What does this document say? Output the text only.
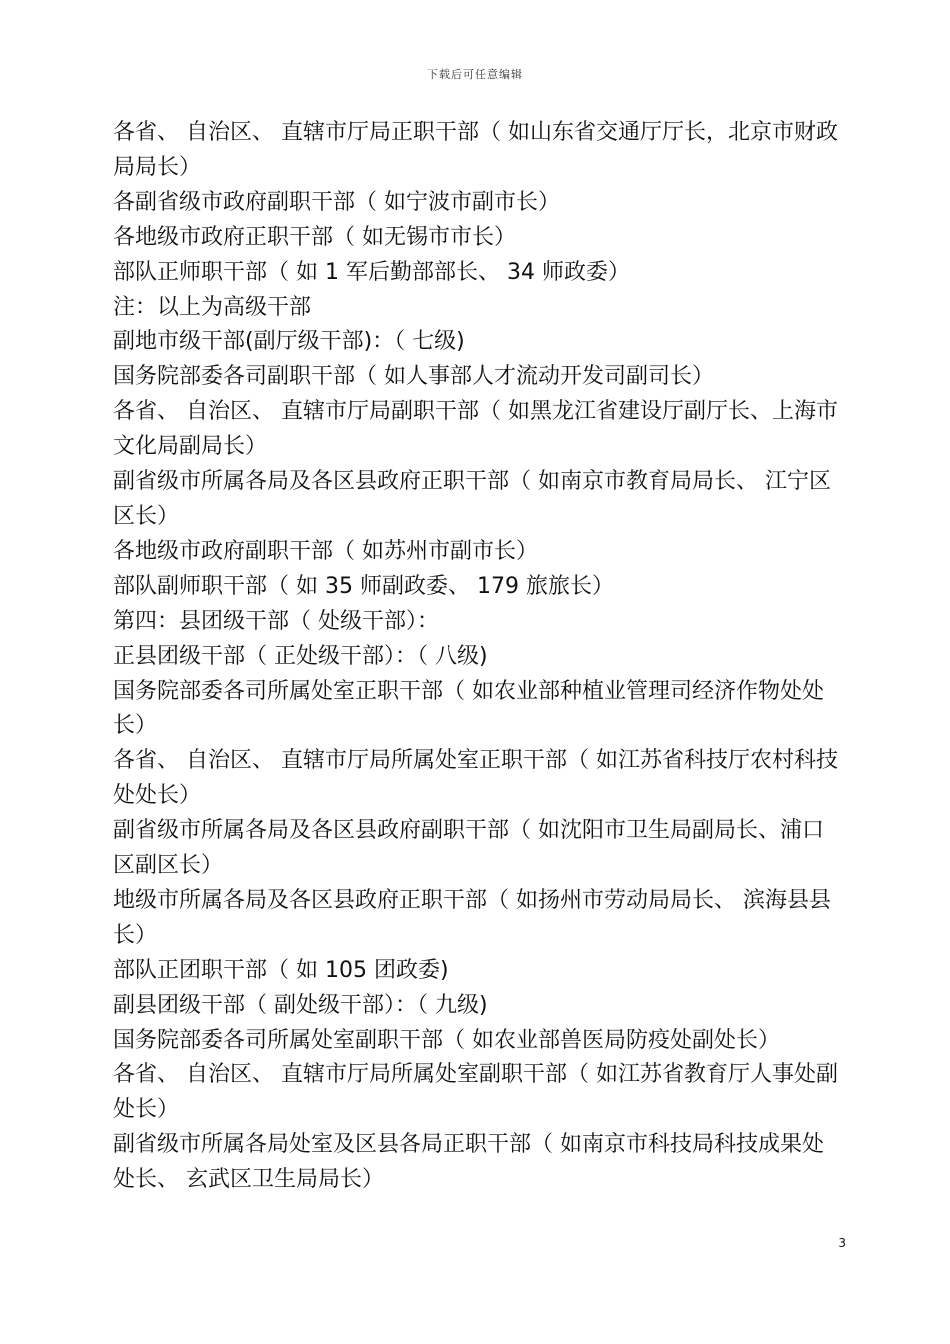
下载后可任意编辑

各省、 自治区、 直辖市厅局正职干部（ 如山东省交通厅厅长，北京市财政局局长）

各副省级市政府副职干部（ 如宁波市副市长）

各地级市政府正职干部（ 如无锡市市长）

部队正师职干部（ 如 1 军后勤部部长、 34 师政委）

注：以上为高级干部

副地市级干部(副厅级干部)：（ 七级)

国务院部委各司副职干部（ 如人事部人才流动开发司副司长）

各省、 自治区、 直辖市厅局副职干部（ 如黑龙江省建设厅副厅长、上海市文化局副局长）

副省级市所属各局及各区县政府正职干部（ 如南京市教育局局长、 江宁区区长）

各地级市政府副职干部（ 如苏州市副市长）

部队副师职干部（ 如 35 师副政委、 179 旅旅长）

第四：县团级干部（ 处级干部）：

正县团级干部（ 正处级干部）：（ 八级)

国务院部委各司所属处室正职干部（ 如农业部种植业管理司经济作物处处长）

各省、 自治区、 直辖市厅局所属处室正职干部（ 如江苏省科技厅农村科技处处长）

副省级市所属各局及各区县政府副职干部（ 如沈阳市卫生局副局长、浦口区副区长）

地级市所属各局及各区县政府正职干部（ 如扬州市劳动局局长、 滨海县县长）

部队正团职干部（ 如 105 团政委)

副县团级干部（ 副处级干部）：（ 九级)

国务院部委各司所属处室副职干部（ 如农业部兽医局防疫处副处长）

各省、 自治区、 直辖市厅局所属处室副职干部（ 如江苏省教育厅人事处副处长）

副省级市所属各局处室及区县各局正职干部（ 如南京市科技局科技成果处处长、 玄武区卫生局局长）

3
